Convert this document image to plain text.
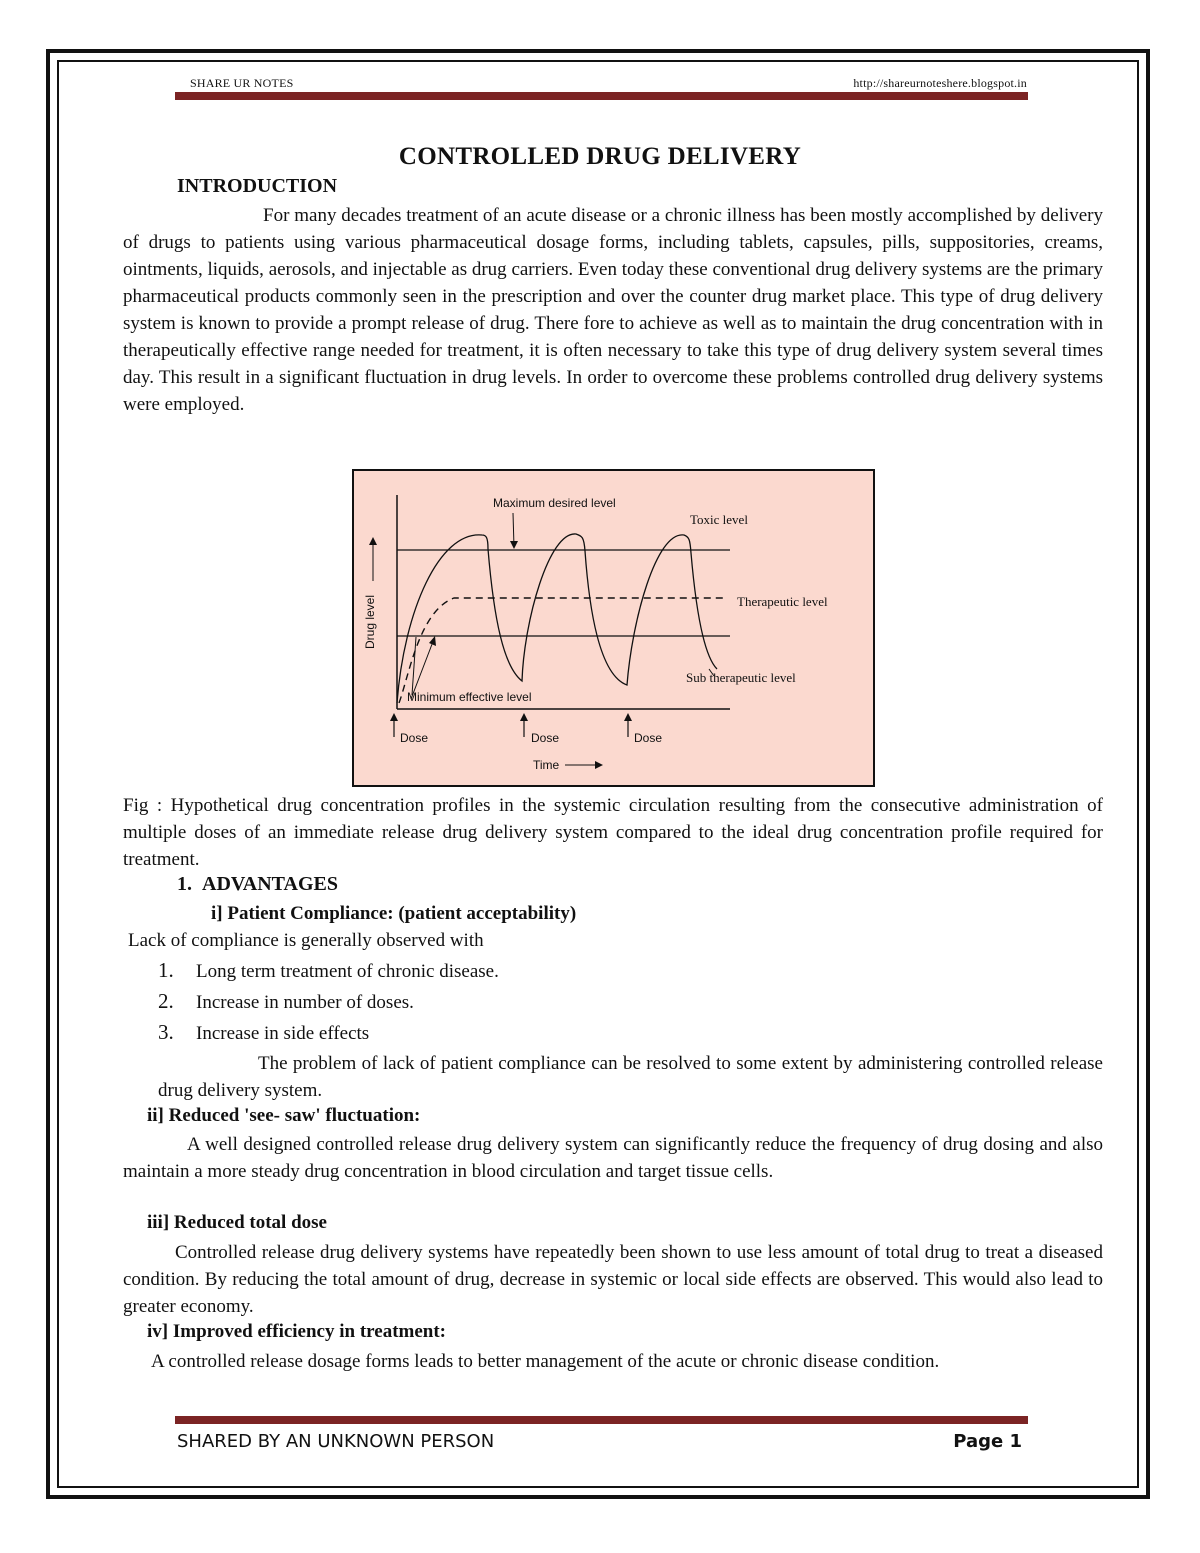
SHARE UR NOTES	http://shareurnoteshere.blogspot.in
CONTROLLED DRUG DELIVERY
INTRODUCTION

For many decades treatment of an acute disease or a chronic illness has been mostly accomplished by delivery of drugs to patients using various pharmaceutical dosage forms, including tablets, capsules, pills, suppositories, creams, ointments, liquids, aerosols, and injectable as drug carriers. Even today these conventional drug delivery systems are the primary pharmaceutical products commonly seen in the prescription and over the counter drug market place. This type of drug delivery system is known to provide a prompt release of drug. There fore to achieve as well as to maintain the drug concentration with in therapeutically effective range needed for treatment, it is often necessary to take this type of drug delivery system several times day. This result in a significant fluctuation in drug levels. In order to overcome these problems controlled drug delivery systems were employed.

Maximum desired level
Toxic level
Therapeutic level
Sub therapeutic level
Minimum effective level
Drug level
Time
Dose	Dose	Dose

Fig : Hypothetical drug concentration profiles in the systemic circulation resulting from the consecutive administration of multiple doses of an immediate release drug delivery system compared to the ideal drug concentration profile required for treatment.

1. ADVANTAGES
i] Patient Compliance: (patient acceptability)
Lack of compliance is generally observed with
1. Long term treatment of chronic disease.
2. Increase in number of doses.
3. Increase in side effects

The problem of lack of patient compliance can be resolved to some extent by administering controlled release drug delivery system.

ii] Reduced 'see- saw' fluctuation:

A well designed controlled release drug delivery system can significantly reduce the frequency of drug dosing and also maintain a more steady drug concentration in blood circulation and target tissue cells.

iii] Reduced total dose

Controlled release drug delivery systems have repeatedly been shown to use less amount of total drug to treat a diseased condition. By reducing the total amount of drug, decrease in systemic or local side effects are observed. This would also lead to greater economy.

iv] Improved efficiency in treatment:

A controlled release dosage forms leads to better management of the acute or chronic disease condition.

SHARED BY AN UNKNOWN PERSON	Page 1
